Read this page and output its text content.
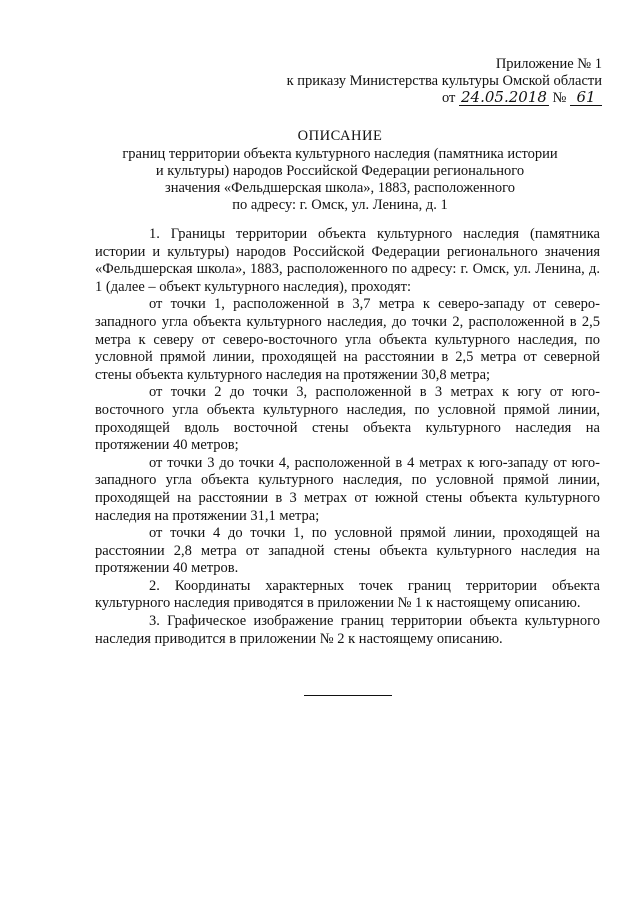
Приложение № 1
к приказу Министерства культуры Омской области
от 24.05.2018 № 61
ОПИСАНИЕ
границ территории объекта культурного наследия (памятника истории
и культуры) народов Российской Федерации регионального
значения «Фельдшерская школа», 1883, расположенного
по адресу: г. Омск, ул. Ленина, д. 1

1. Границы территории объекта культурного наследия (памятника истории и культуры) народов Российской Федерации регионального значения «Фельдшерская школа», 1883, расположенного по адресу: г. Омск, ул. Ленина, д. 1 (далее – объект культурного наследия), проходят:

от точки 1, расположенной в 3,7 метра к северо-западу от северо-западного угла объекта культурного наследия, до точки 2, расположенной в 2,5 метра к северу от северо-восточного угла объекта культурного наследия, по условной прямой линии, проходящей на расстоянии в 2,5 метра от северной стены объекта культурного наследия на протяжении 30,8 метра;

от точки 2 до точки 3, расположенной в 3 метрах к югу от юго-восточного угла объекта культурного наследия, по условной прямой линии, проходящей вдоль восточной стены объекта культурного наследия на протяжении 40 метров;

от точки 3 до точки 4, расположенной в 4 метрах к юго-западу от юго-западного угла объекта культурного наследия, по условной прямой линии, проходящей на расстоянии в 3 метрах от южной стены объекта культурного наследия на протяжении 31,1 метра;

от точки 4 до точки 1, по условной прямой линии, проходящей на расстоянии 2,8 метра от западной стены объекта культурного наследия на протяжении 40 метров.

2. Координаты характерных точек границ территории объекта культурного наследия приводятся в приложении № 1 к настоящему описанию.

3. Графическое изображение границ территории объекта культурного наследия приводится в приложении № 2 к настоящему описанию.
